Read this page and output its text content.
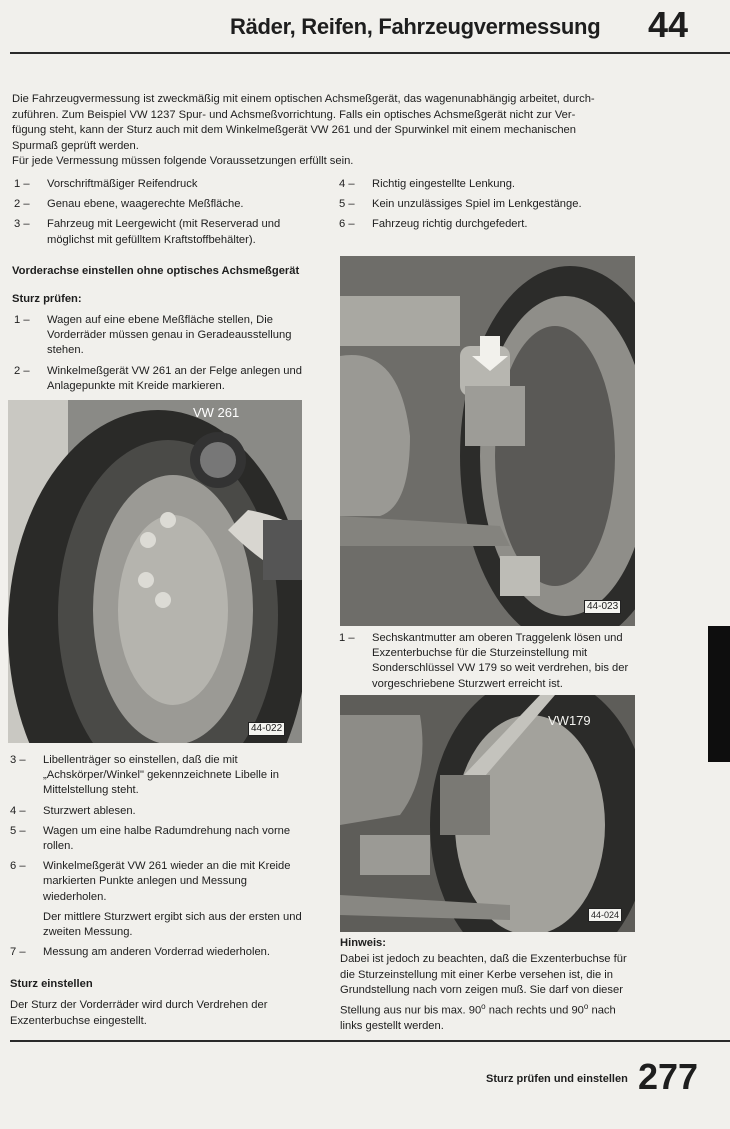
Räder, Reifen, Fahrzeugvermessung 44
Die Fahrzeugvermessung ist zweckmäßig mit einem optischen Achsmeßgerät, das wagenunabhängig arbeitet, durch-
zuführen. Zum Beispiel VW 1237 Spur- und Achsmeßvorrichtung. Falls ein optisches Achsmeßgerät nicht zur Ver-
fügung steht, kann der Sturz auch mit dem Winkelmeßgerät VW 261 und der Spurwinkel mit einem mechanischen
Spurmaß geprüft werden.
Für jede Vermessung müssen folgende Voraussetzungen erfüllt sein.
1 –	Vorschriftmäßiger Reifendruck
2 –	Genau ebene, waagerechte Meßfläche.
3 –	Fahrzeug mit Leergewicht (mit Reserverad und möglichst mit gefülltem Kraftstoffbehälter).
4 –	Richtig eingestellte Lenkung.
5 –	Kein unzulässiges Spiel im Lenkgestänge.
6 –	Fahrzeug richtig durchgefedert.
Vorderachse einstellen ohne optisches Achsmeßgerät
Sturz prüfen:
1 –	Wagen auf eine ebene Meßfläche stellen, Die Vorderräder müssen genau in Geradeausstellung stehen.
2 –	Winkelmeßgerät VW 261 an der Felge anlegen und Anlagepunkte mit Kreide markieren.
VW 261
44-022
3 –	Libellenträger so einstellen, daß die mit „Achskörper/Winkel" gekennzeichnete Libelle in Mittelstellung steht.
4 –	Sturzwert ablesen.
5 –	Wagen um eine halbe Radumdrehung nach vorne rollen.
6 –	Winkelmeßgerät VW 261 wieder an die mit Kreide markierten Punkte anlegen und Messung wiederholen.
Der mittlere Sturzwert ergibt sich aus der ersten und zweiten Messung.
7 –	Messung am anderen Vorderrad wiederholen.
Sturz einstellen
Der Sturz der Vorderräder wird durch Verdrehen der Exzenterbuchse eingestellt.
44-023
1 –	Sechskantmutter am oberen Traggelenk lösen und Exzenterbuchse für die Sturzeinstellung mit Sonderschlüssel VW 179 so weit verdrehen, bis der vorgeschriebene Sturzwert erreicht ist.
VW179
44-024
Hinweis:
Dabei ist jedoch zu beachten, daß die Exzenterbuchse für die Sturzeinstellung mit einer Kerbe versehen ist, die in Grundstellung nach vorn zeigen muß. Sie darf von dieser Stellung aus nur bis max. 90$^o$ nach rechts und 90$^o$ nach links gestellt werden.
Sturz prüfen und einstellen 277
